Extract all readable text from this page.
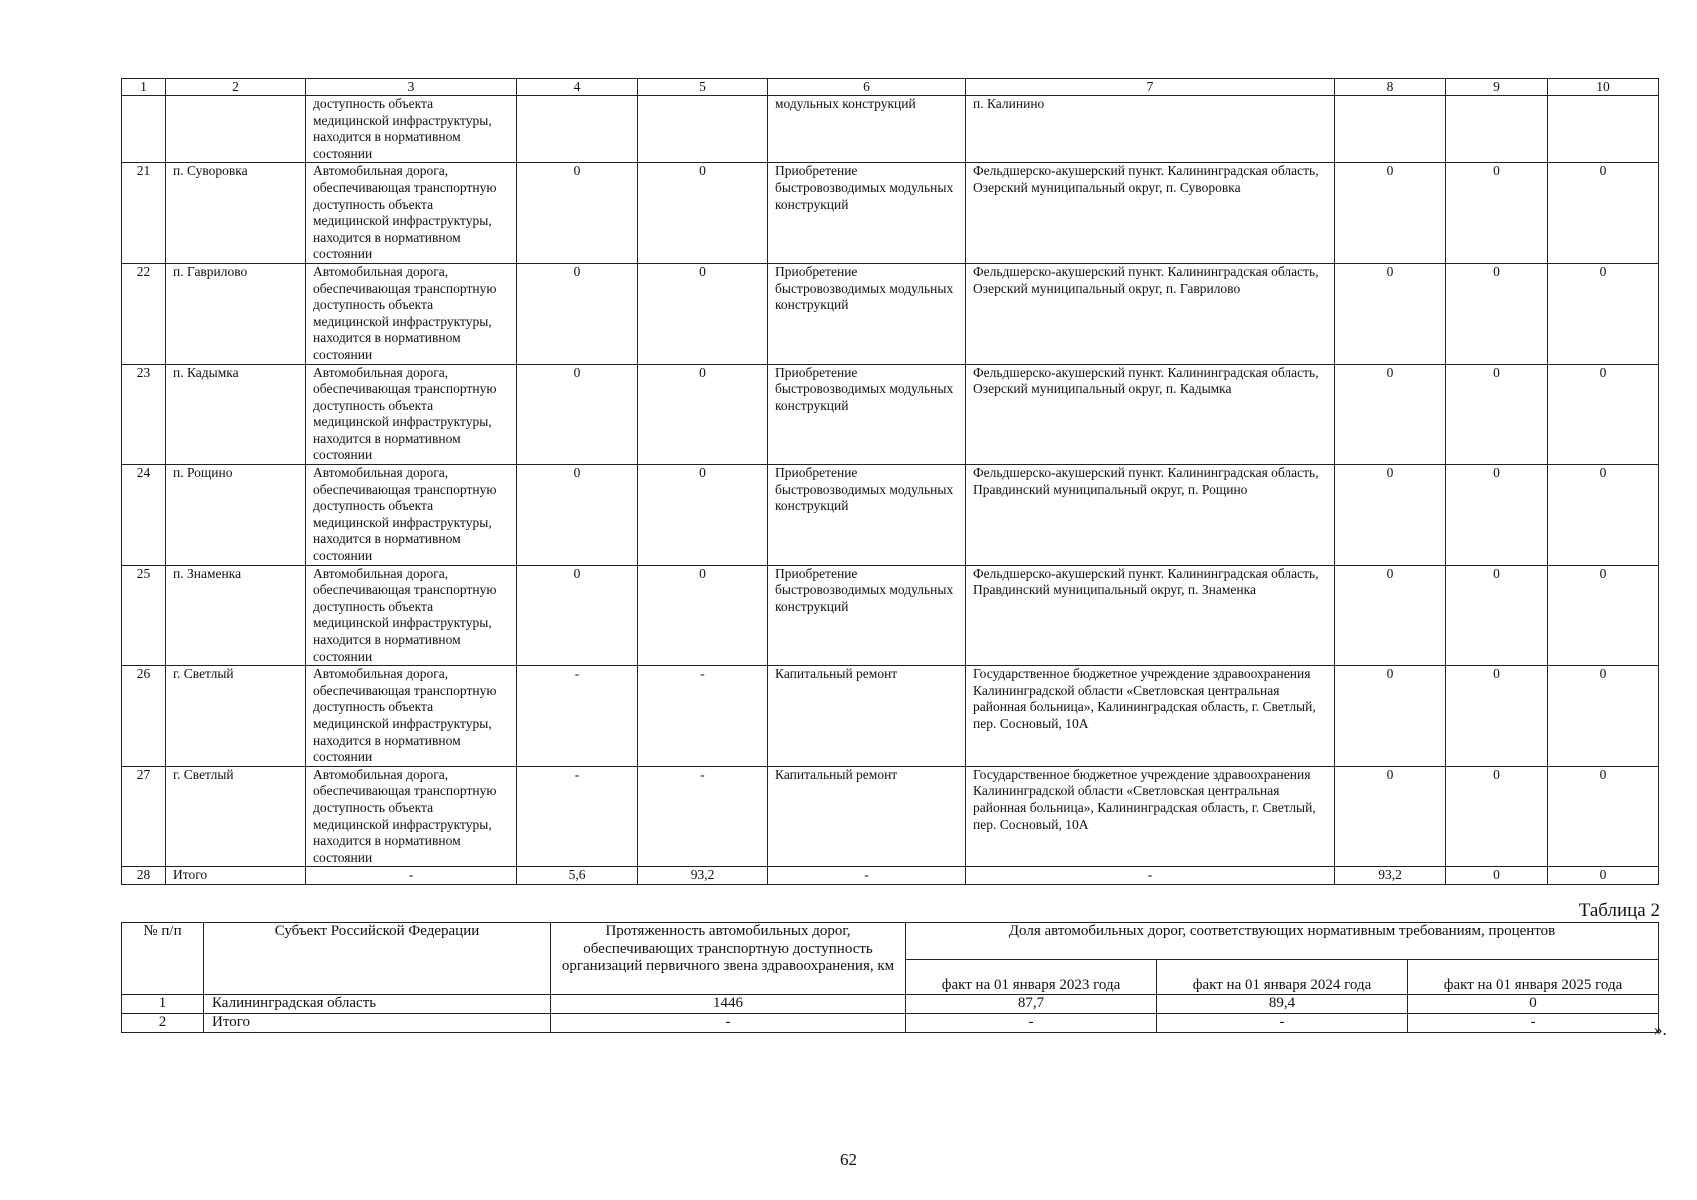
1	2	3	4	5	6	7	8	9	10
		доступность объекта медицинской инфраструктуры, находится в нормативном состоянии			модульных конструкций	п. Калинино			
21	п. Суворовка	Автомобильная дорога, обеспечивающая транспортную доступность объекта медицинской инфраструктуры, находится в нормативном состоянии	0	0	Приобретение быстровозводимых модульных конструкций	Фельдшерско-акушерский пункт. Калининградская область, Озерский муниципальный округ, п. Суворовка	0	0	0
22	п. Гаврилово	Автомобильная дорога, обеспечивающая транспортную доступность объекта медицинской инфраструктуры, находится в нормативном состоянии	0	0	Приобретение быстровозводимых модульных конструкций	Фельдшерско-акушерский пункт. Калининградская область, Озерский муниципальный округ, п. Гаврилово	0	0	0
23	п. Кадымка	Автомобильная дорога, обеспечивающая транспортную доступность объекта медицинской инфраструктуры, находится в нормативном состоянии	0	0	Приобретение быстровозводимых модульных конструкций	Фельдшерско-акушерский пункт. Калининградская область, Озерский муниципальный округ, п. Кадымка	0	0	0
24	п. Рощино	Автомобильная дорога, обеспечивающая транспортную доступность объекта медицинской инфраструктуры, находится в нормативном состоянии	0	0	Приобретение быстровозводимых модульных конструкций	Фельдшерско-акушерский пункт. Калининградская область, Правдинский муниципальный округ, п. Рощино	0	0	0
25	п. Знаменка	Автомобильная дорога, обеспечивающая транспортную доступность объекта медицинской инфраструктуры, находится в нормативном состоянии	0	0	Приобретение быстровозводимых модульных конструкций	Фельдшерско-акушерский пункт. Калининградская область, Правдинский муниципальный округ, п. Знаменка	0	0	0
26	г. Светлый	Автомобильная дорога, обеспечивающая транспортную доступность объекта медицинской инфраструктуры, находится в нормативном состоянии	-	-	Капитальный ремонт	Государственное бюджетное учреждение здравоохранения Калининградской области «Светловская центральная районная больница», Калининградская область, г. Светлый, пер. Сосновый, 10А	0	0	0
27	г. Светлый	Автомобильная дорога, обеспечивающая транспортную доступность объекта медицинской инфраструктуры, находится в нормативном состоянии	-	-	Капитальный ремонт	Государственное бюджетное учреждение здравоохранения Калининградской области «Светловская центральная районная больница», Калининградская область, г. Светлый, пер. Сосновый, 10А	0	0	0
28	Итого	-	5,6	93,2	-	-	93,2	0	0
Таблица 2
№ п/п	Субъект Российской Федерации	Протяженность автомобильных дорог, обеспечивающих транспортную доступность организаций первичного звена здравоохранения, км	Доля автомобильных дорог, соответствующих нормативным требованиям, процентов		
			факт на 01 января 2023 года	факт на 01 января 2024 года	факт на 01 января 2025 года
1	Калининградская область	1446	87,7	89,4	0
2	Итого	-	-	-	-	».
62
